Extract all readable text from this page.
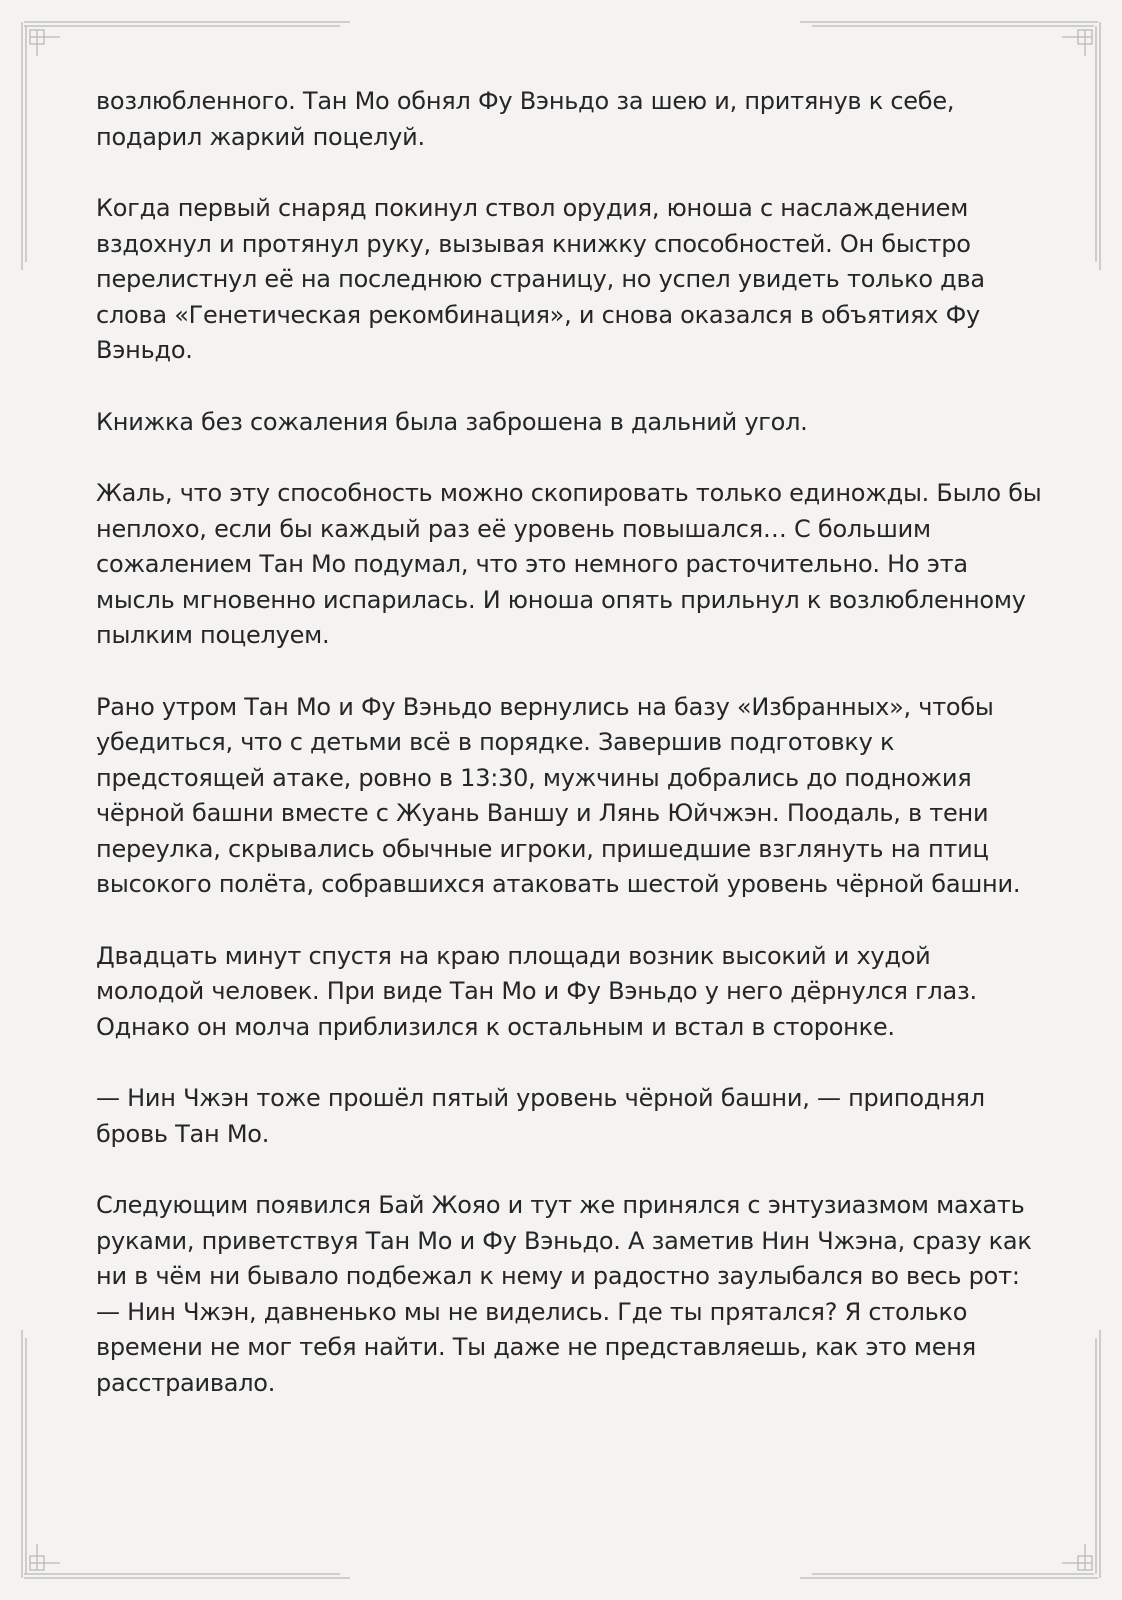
возлюбленного. Тан Мо обнял Фу Вэньдо за шею и, притянув к себе,
подарил жаркий поцелуй.

Когда первый снаряд покинул ствол орудия, юноша с наслаждением
вздохнул и протянул руку, вызывая книжку способностей. Он быстро
перелистнул её на последнюю страницу, но успел увидеть только два
слова «Генетическая рекомбинация», и снова оказался в объятиях Фу
Вэньдо.

Книжка без сожаления была заброшена в дальний угол.

Жаль, что эту способность можно скопировать только единожды. Было бы
неплохо, если бы каждый раз её уровень повышался… С большим
сожалением Тан Мо подумал, что это немного расточительно. Но эта
мысль мгновенно испарилась. И юноша опять прильнул к возлюбленному
пылким поцелуем.

Рано утром Тан Мо и Фу Вэньдо вернулись на базу «Избранных», чтобы
убедиться, что с детьми всё в порядке. Завершив подготовку к
предстоящей атаке, ровно в 13:30, мужчины добрались до подножия
чёрной башни вместе с Жуань Ваншу и Лянь Юйчжэн. Поодаль, в тени
переулка, скрывались обычные игроки, пришедшие взглянуть на птиц
высокого полёта, собравшихся атаковать шестой уровень чёрной башни.

Двадцать минут спустя на краю площади возник высокий и худой
молодой человек. При виде Тан Мо и Фу Вэньдо у него дёрнулся глаз.
Однако он молча приблизился к остальным и встал в сторонке.

— Нин Чжэн тоже прошёл пятый уровень чёрной башни, — приподнял
бровь Тан Мо.

Следующим появился Бай Жояо и тут же принялся с энтузиазмом махать
руками, приветствуя Тан Мо и Фу Вэньдо. А заметив Нин Чжэна, сразу как
ни в чём ни бывало подбежал к нему и радостно заулыбался во весь рот:
— Нин Чжэн, давненько мы не виделись. Где ты прятался? Я столько
времени не мог тебя найти. Ты даже не представляешь, как это меня
расстраивало.
